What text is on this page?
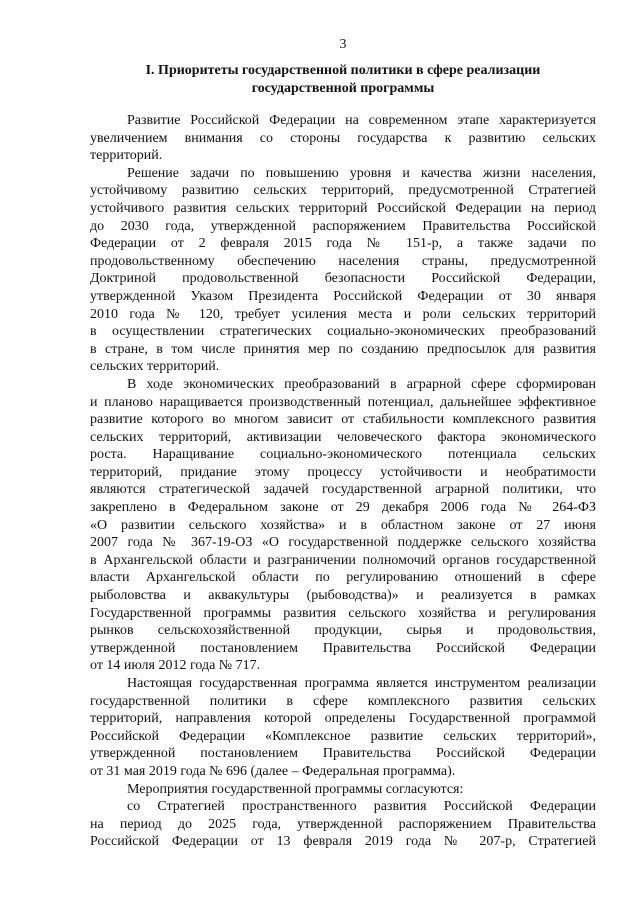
3
I. Приоритеты государственной политики в сфере реализации
государственной программы
Развитие Российской Федерации на современном этапе характеризуется
увеличением внимания со стороны государства к развитию сельских
территорий.
Решение задачи по повышению уровня и качества жизни населения,
устойчивому развитию сельских территорий, предусмотренной Стратегией
устойчивого развития сельских территорий Российской Федерации на период
до 2030 года, утвержденной распоряжением Правительства Российской
Федерации от 2 февраля 2015 года № 151-р, а также задачи по
продовольственному обеспечению населения страны, предусмотренной
Доктриной продовольственной безопасности Российской Федерации,
утвержденной Указом Президента Российской Федерации от 30 января
2010 года № 120, требует усиления места и роли сельских территорий
в осуществлении стратегических социально-экономических преобразований
в стране, в том числе принятия мер по созданию предпосылок для развития
сельских территорий.
В ходе экономических преобразований в аграрной сфере сформирован
и планово наращивается производственный потенциал, дальнейшее эффективное
развитие которого во многом зависит от стабильности комплексного развития
сельских территорий, активизации человеческого фактора экономического
роста. Наращивание социально-экономического потенциала сельских
территорий, придание этому процессу устойчивости и необратимости
являются стратегической задачей государственной аграрной политики, что
закреплено в Федеральном законе от 29 декабря 2006 года № 264-ФЗ
«О развитии сельского хозяйства» и в областном законе от 27 июня
2007 года № 367-19-ОЗ «О государственной поддержке сельского хозяйства
в Архангельской области и разграничении полномочий органов государственной
власти Архангельской области по регулированию отношений в сфере
рыболовства и аквакультуры (рыбоводства)» и реализуется в рамках
Государственной программы развития сельского хозяйства и регулирования
рынков сельскохозяйственной продукции, сырья и продовольствия,
утвержденной постановлением Правительства Российской Федерации
от 14 июля 2012 года № 717.
Настоящая государственная программа является инструментом реализации
государственной политики в сфере комплексного развития сельских
территорий, направления которой определены Государственной программой
Российской Федерации «Комплексное развитие сельских территорий»,
утвержденной постановлением Правительства Российской Федерации
от 31 мая 2019 года № 696 (далее – Федеральная программа).
Мероприятия государственной программы согласуются:
со Стратегией пространственного развития Российской Федерации
на период до 2025 года, утвержденной распоряжением Правительства
Российской Федерации от 13 февраля 2019 года № 207-р, Стратегией
